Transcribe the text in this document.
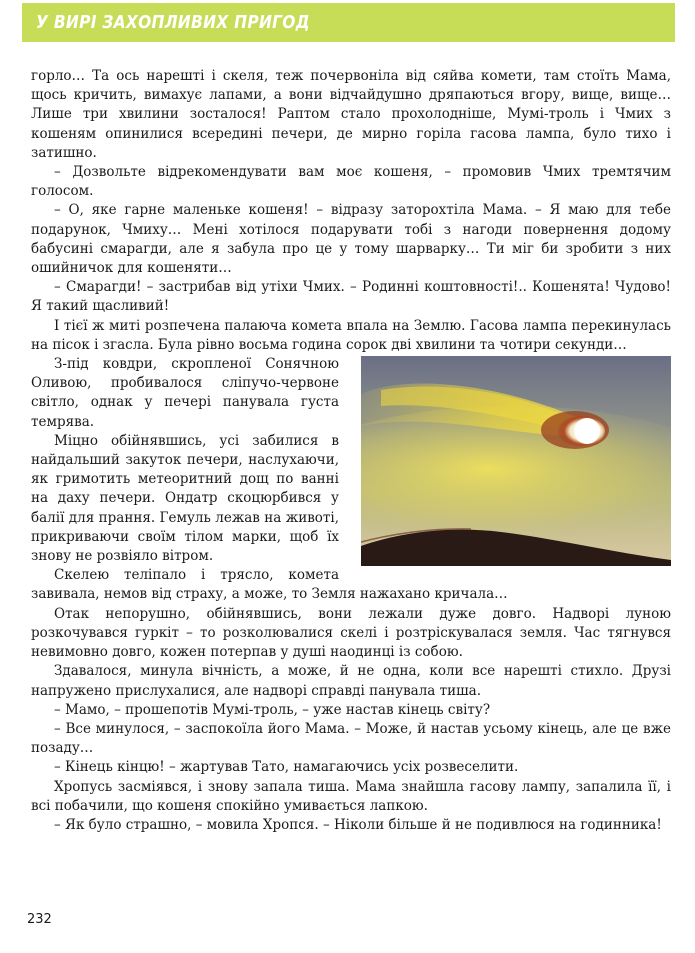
У ВИРІ ЗАХОПЛИВИХ ПРИГОД

горло… Та ось нарешті і скеля, теж почервоніла від сяйва комети, там стоїть Мама, щось кричить, вимахує лапами, а вони відчайдушно дряпаються вгору, вище, вище… Лише три хвилини зосталося! Раптом стало прохолодніше, Мумі-троль і Чмих з кошеням опинилися всередині печери, де мирно горіла гасова лампа, було тихо і затишно.

– Дозвольте відрекомендувати вам моє кошеня, – промовив Чмих тремтячим голосом.

– О, яке гарне маленьке кошеня! – відразу заторохтіла Мама. – Я маю для тебе подарунок, Чмиху… Мені хотілося подарувати тобі з нагоди повернення додому бабусині смарагди, але я забула про це у тому шарварку… Ти міг би зробити з них ошийничок для кошеняти…

– Смарагди! – застрибав від утіхи Чмих. – Родинні коштовності!.. Кошенята! Чудово! Я такий щасливий!

І тієї ж миті розпечена палаюча комета впала на Землю. Гасова лампа перекинулась на пісок і згасла. Була рівно восьма година сорок дві хвилини та чотири секунди…

З-під ковдри, скропленої Сонячною Оливою, пробивалося сліпучо-червоне світло, однак у печері панувала густа темрява.

Міцно обійнявшись, усі забилися в найдальший закуток печери, наслухаючи, як гримотить метеоритний дощ по ванні на даху печери. Ондатр скоцюрбився у балії для прання. Гемуль лежав на животі, прикриваючи своїм тілом марки, щоб їх знову не розвіяло вітром.

Скелею теліпало і трясло, комета завивала, немов від страху, а може, то Земля нажахано кричала…

Отак непорушно, обійнявшись, вони лежали дуже довго. Надворі луною розкочувався гуркіт – то розколювалися скелі і розтріскувалася земля. Час тягнувся невимовно довго, кожен потерпав у душі наодинці із собою.

Здавалося, минула вічність, а може, й не одна, коли все нарешті стихло. Друзі напружено прислухалися, але надворі справді панувала тиша.

– Мамо, – прошепотів Мумі-троль, – уже настав кінець світу?

– Все минулося, – заспокоїла його Мама. – Може, й настав усьому кінець, але це вже позаду…

– Кінець кінцю! – жартував Тато, намагаючись усіх розвеселити.

Хропусь засміявся, і знову запала тиша. Мама знайшла гасову лампу, запалила її, і всі побачили, що кошеня спокійно умивається лапкою.

– Як було страшно, – мовила Хропся. – Ніколи більше й не подивлюся на годинника!

232
